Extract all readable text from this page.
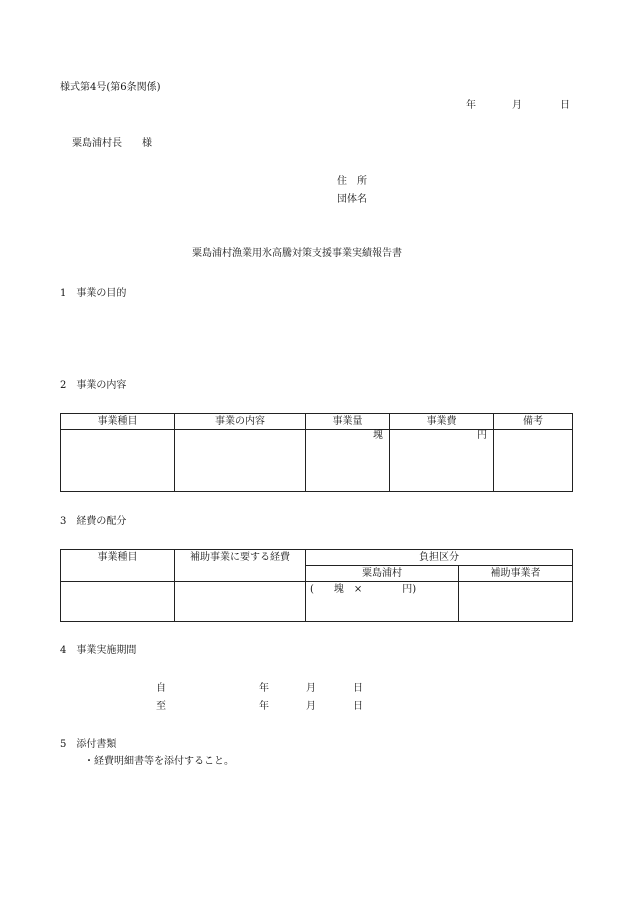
様式第4号(第6条関係)
年	月	日
粟島浦村長　　様
住　所
団体名
粟島浦村漁業用氷高騰対策支援事業実績報告書
1　事業の目的
2　事業の内容
事業種目	事業の内容	事業量	事業費	備考
		塊	円	
3　経費の配分
事業種目	補助事業に要する経費	負担区分	
		粟島浦村	補助事業者
		(　　塊　×　　　　円)	
4　事業実施期間
自	年	月	日
至	年	月	日
5　添付書類
・経費明細書等を添付すること。
